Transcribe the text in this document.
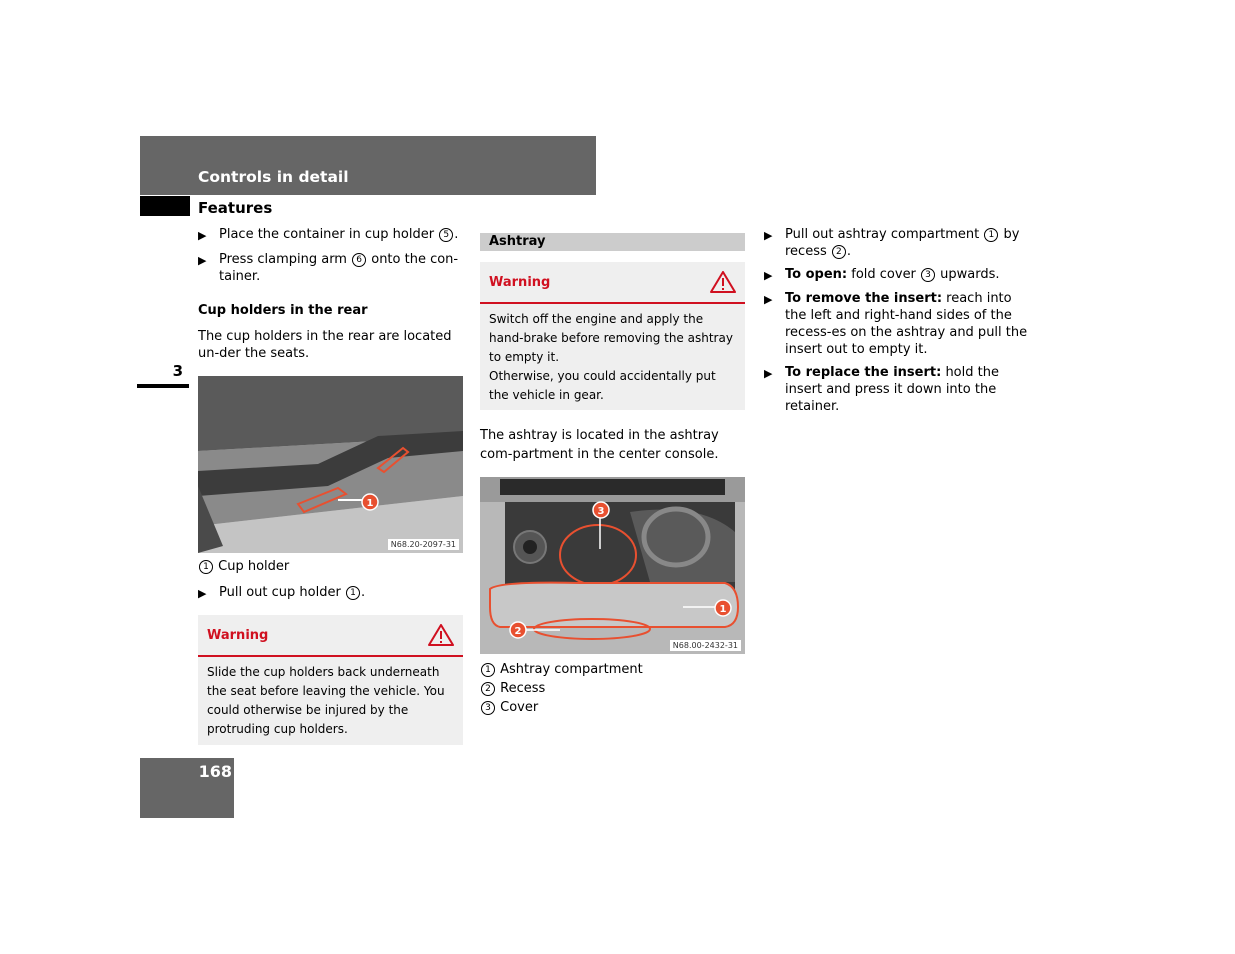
Controls in detail
Features
3
168
▶ Place the container in cup holder 5 .
▶ Press clamping arm 6 onto the con-tainer.
Cup holders in the rear
The cup holders in the rear are located un-der the seats.
1
N68.20-2097-31
1 Cup holder
▶ Pull out cup holder 1 .
Warning
Slide the cup holders back underneath the seat before leaving the vehicle. You could otherwise be injured by the protruding cup holders.
Ashtray
Warning
Switch off the engine and apply the hand-brake before removing the ashtray to empty it.
Otherwise, you could accidentally put the vehicle in gear.
The ashtray is located in the ashtray com-partment in the center console.
3
1
2
N68.00-2432-31
1 Ashtray compartment
2 Recess
3 Cover
▶ Pull out ashtray compartment 1 by recess 2 .
▶ To open: fold cover 3 upwards.
▶ To remove the insert: reach into the left and right-hand sides of the recess-es on the ashtray and pull the insert out to empty it.
▶ To replace the insert: hold the insert and press it down into the retainer.
